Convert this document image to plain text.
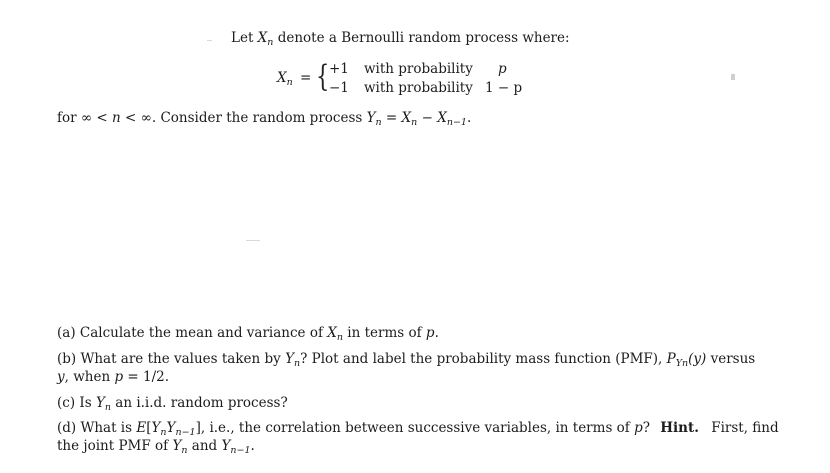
Let $X_n$ denote a Bernoulli random process where:
$X_n$ = { +1 with probability p
−1 with probability 1 − p
for ∞ < n < ∞. Consider the random process $Y_n = X_n - X_{n-1}$.
(a) Calculate the mean and variance of $X_n$ in terms of p.
(b) What are the values taken by $Y_n$? Plot and label the probability mass function (PMF), $P_{Yn}(y)$ versus
y, when p = 1/2.
(c) Is $Y_n$ an i.i.d. random process?
(d) What is $E[Y_nY_{n-1}]$, i.e., the correlation between successive variables, in terms of p? Hint. First, find
the joint PMF of $Y_n$ and $Y_{n-1}$.
